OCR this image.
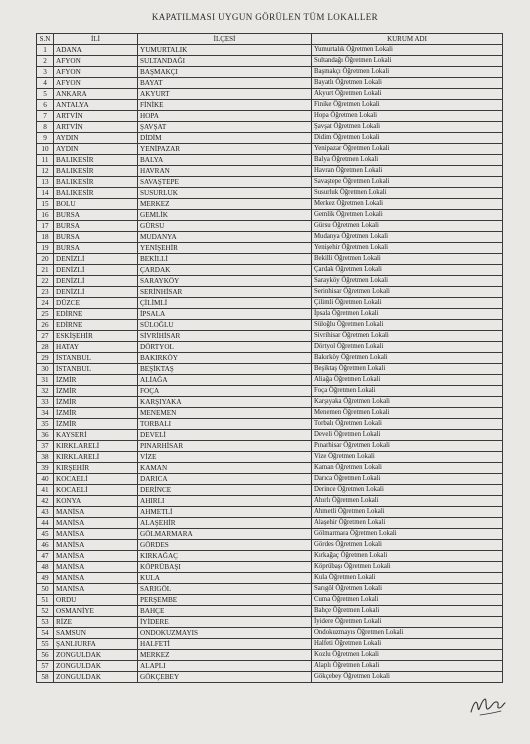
KAPATILMASI UYGUN GÖRÜLEN TÜM LOKALLER
S.N	İLİ	İLÇESİ	KURUM ADI
1	ADANA	YUMURTALIK	Yumurtalık Öğretmen Lokali
2	AFYON	SULTANDAĞI	Sultandağı Öğretmen Lokali
3	AFYON	BAŞMAKÇI	Başmakçı Öğretmen Lokali
4	AFYON	BAYAT	Bayatlı Öğretmen Lokali
5	ANKARA	AKYURT	Akyurt Öğretmen Lokali
6	ANTALYA	FİNİKE	Finike Öğretmen Lokali
7	ARTVİN	HOPA	Hopa Öğretmen Lokali
8	ARTVİN	ŞAVŞAT	Şavşat Öğretmen Lokali
9	AYDIN	DİDİM	Didim Öğretmen Lokali
10	AYDIN	YENİPAZAR	Yenipazar Öğretmen Lokali
11	BALIKESİR	BALYA	Balya Öğretmen Lokali
12	BALIKESİR	HAVRAN	Havran Öğretmen Lokali
13	BALIKESİR	SAVAŞTEPE	Savaştepe Öğretmen Lokali
14	BALIKESİR	SUSURLUK	Susurluk Öğretmen Lokali
15	BOLU	MERKEZ	Merkez Öğretmen Lokali
16	BURSA	GEMLİK	Gemlik Öğretmen Lokali
17	BURSA	GÜRSU	Gürsu Öğretmen Lokali
18	BURSA	MUDANYA	Mudanya Öğretmen Lokali
19	BURSA	YENİŞEHİR	Yenişehir Öğretmen Lokali
20	DENİZLİ	BEKİLLİ	Bekilli Öğretmen Lokali
21	DENİZLİ	ÇARDAK	Çardak Öğretmen Lokali
22	DENİZLİ	SARAYKÖY	Sarayköy Öğretmen Lokali
23	DENİZLİ	SERİNHİSAR	Serinhisar Öğretmen Lokali
24	DÜZCE	ÇİLİMLİ	Çilimli Öğretmen Lokali
25	EDİRNE	İPSALA	İpsala Öğretmen Lokali
26	EDİRNE	SÜLOĞLU	Süloğlu Öğretmen Lokali
27	ESKİŞEHİR	SİVRİHİSAR	Sivrihisar Öğretmen Lokali
28	HATAY	DÖRTYOL	Dörtyol Öğretmen Lokali
29	İSTANBUL	BAKIRKÖY	Bakırköy Öğretmen Lokali
30	İSTANBUL	BEŞİKTAŞ	Beşiktaş Öğretmen Lokali
31	İZMİR	ALİAĞA	Aliağa Öğretmen Lokali
32	İZMİR	FOÇA	Foça Öğretmen Lokali
33	İZMİR	KARŞIYAKA	Karşıyaka Öğretmen Lokali
34	İZMİR	MENEMEN	Menemen Öğretmen Lokali
35	İZMİR	TORBALI	Torbalı Öğretmen Lokali
36	KAYSERİ	DEVELİ	Develi Öğretmen Lokali
37	KIRKLARELİ	PINARHİSAR	Pınarhisar Öğretmen Lokali
38	KIRKLARELİ	VİZE	Vize Öğretmen Lokali
39	KIRŞEHİR	KAMAN	Kaman Öğretmen Lokali
40	KOCAELİ	DARICA	Darıca Öğretmen Lokali
41	KOCAELİ	DERİNCE	Derince Öğretmen Lokali
42	KONYA	AHIRLI	Ahırlı Öğretmen Lokali
43	MANİSA	AHMETLİ	Ahmetli Öğretmen Lokali
44	MANİSA	ALAŞEHİR	Alaşehir Öğretmen Lokali
45	MANİSA	GÖLMARMARA	Gölmarmara Öğretmen Lokali
46	MANİSA	GÖRDES	Gördes Öğretmen Lokali
47	MANİSA	KIRKAĞAÇ	Kırkağaç Öğretmen Lokali
48	MANİSA	KÖPRÜBAŞI	Köprübaşı Öğretmen Lokali
49	MANİSA	KULA	Kula Öğretmen Lokali
50	MANİSA	SARIGÖL	Sarıgöl Öğretmen Lokali
51	ORDU	PERŞEMBE	Cuma Öğretmen Lokali
52	OSMANİYE	BAHÇE	Bahçe Öğretmen Lokali
53	RİZE	İYİDERE	İyidere Öğretmen Lokali
54	SAMSUN	ONDOKUZMAYIS	Ondokuzmayıs Öğretmen Lokali
55	ŞANLIURFA	HALFETİ	Halfeti Öğretmen Lokali
56	ZONGULDAK	MERKEZ	Kozlu Öğretmen Lokali
57	ZONGULDAK	ALAPLI	Alaplı Öğretmen Lokali
58	ZONGULDAK	GÖKÇEBEY	Gökçebey Öğretmen Lokali
